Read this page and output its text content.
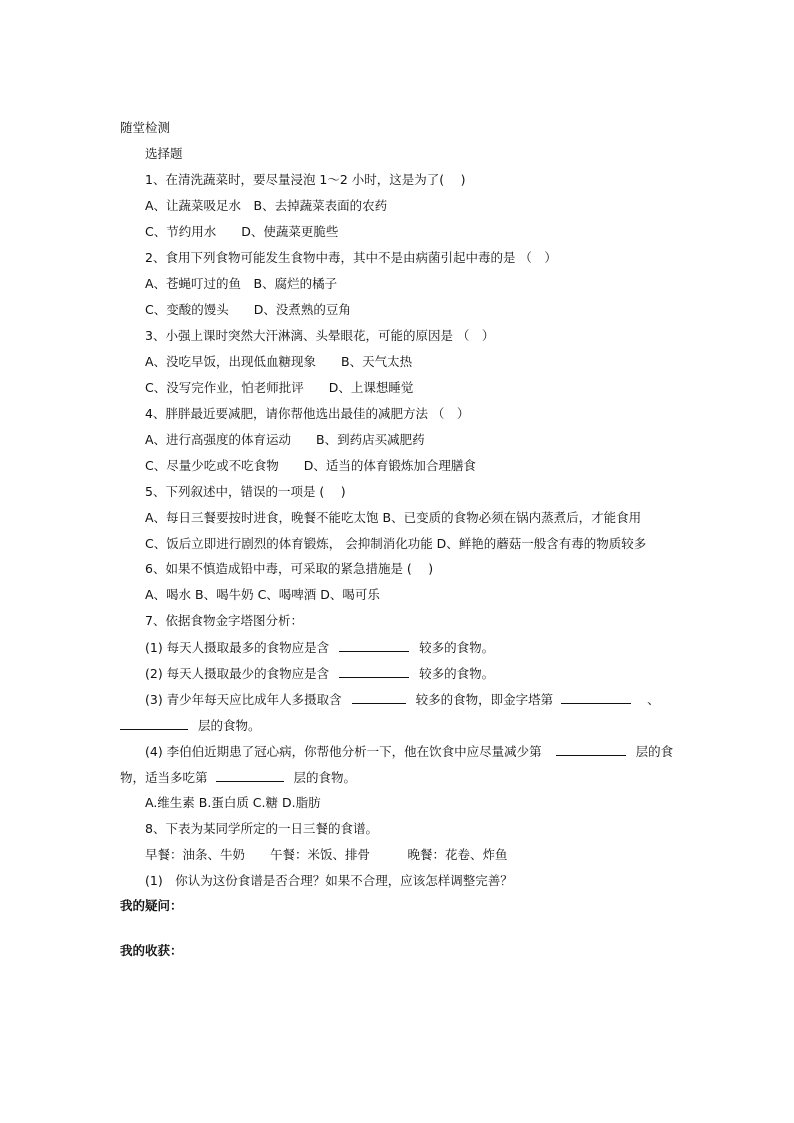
随堂检测
选择题
1、在清洗蔬菜时，要尽量浸泡 1～2 小时，这是为了(　 )
A、让蔬菜吸足水　B、去掉蔬菜表面的农药
C、节约用水　　D、使蔬菜更脆些
2、食用下列食物可能发生食物中毒，其中不是由病菌引起中毒的是 （　）
A、苍蝇叮过的鱼　B、腐烂的橘子
C、变酸的馒头　　D、没煮熟的豆角
3、小强上课时突然大汗淋漓、头晕眼花，可能的原因是 （　）
A、没吃早饭，出现低血糖现象　　B、天气太热
C、没写完作业，怕老师批评　　D、上课想睡觉
4、胖胖最近要减肥，请你帮他选出最佳的减肥方法 （　）
A、进行高强度的体育运动　　B、到药店买减肥药
C、尽量少吃或不吃食物　　D、适当的体育锻炼加合理膳食
5、下列叙述中，错误的一项是 (　 )
A、每日三餐要按时进食，晚餐不能吃太饱 B、已变质的食物必须在锅内蒸煮后，才能食用
C、饭后立即进行剧烈的体育锻炼， 会抑制消化功能 D、鲜艳的蘑菇一般含有毒的物质较多
6、如果不慎造成铅中毒，可采取的紧急措施是 (　 )
A、喝水 B、喝牛奶 C、喝啤酒 D、喝可乐
7、依据食物金字塔图分析：
(1) 每天人摄取最多的食物应是含	较多的食物。
(2) 每天人摄取最少的食物应是含	较多的食物。
(3) 青少年每天应比成年人多摄取含	较多的食物，即金字塔第	、
层的食物。
(4) 李伯伯近期患了冠心病，你帮他分析一下，他在饮食中应尽量减少第	层的食
物，适当多吃第	层的食物。
A.维生素 B.蛋白质 C.糖 D.脂肪
8、下表为某同学所定的一日三餐的食谱。
早餐：油条、牛奶　　午餐：米饭、排骨　　　晚餐：花卷、炸鱼
(1)　你认为这份食谱是否合理？如果不合理，应该怎样调整完善？
我的疑问：
我的收获：
